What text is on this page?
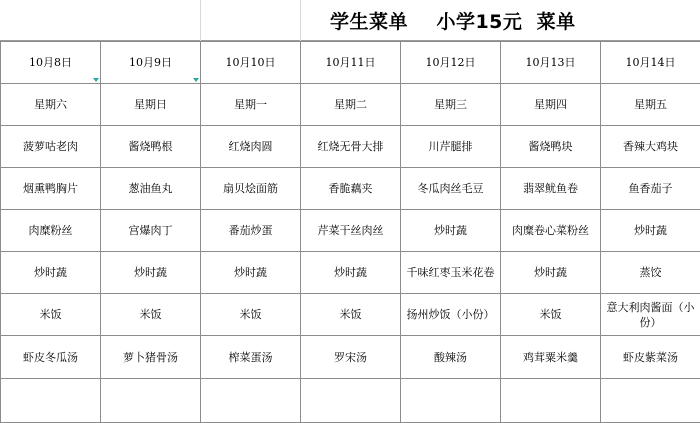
学生菜单    小学15元  菜单
10月8日	10月9日	10月10日	10月11日	10月12日	10月13日	10月14日
星期六	星期日	星期一	星期二	星期三	星期四	星期五
菠萝咕老肉	酱烧鸭根	红烧肉圆	红烧无骨大排	川芹腿排	酱烧鸭块	香辣大鸡块
烟熏鸭胸片	葱油鱼丸	扇贝烩面筋	香脆藕夹	冬瓜肉丝毛豆	翡翠鱿鱼卷	鱼香茄子
肉糜粉丝	宫爆肉丁	番茄炒蛋	芹菜干丝肉丝	炒时蔬	肉糜卷心菜粉丝	炒时蔬
炒时蔬	炒时蔬	炒时蔬	炒时蔬	千味红枣玉米花卷	炒时蔬	蒸饺
米饭	米饭	米饭	米饭	扬州炒饭（小份）	米饭	意大利肉酱面（小份）
虾皮冬瓜汤	萝卜猪骨汤	榨菜蛋汤	罗宋汤	酸辣汤	鸡茸粟米羹	虾皮紫菜汤
